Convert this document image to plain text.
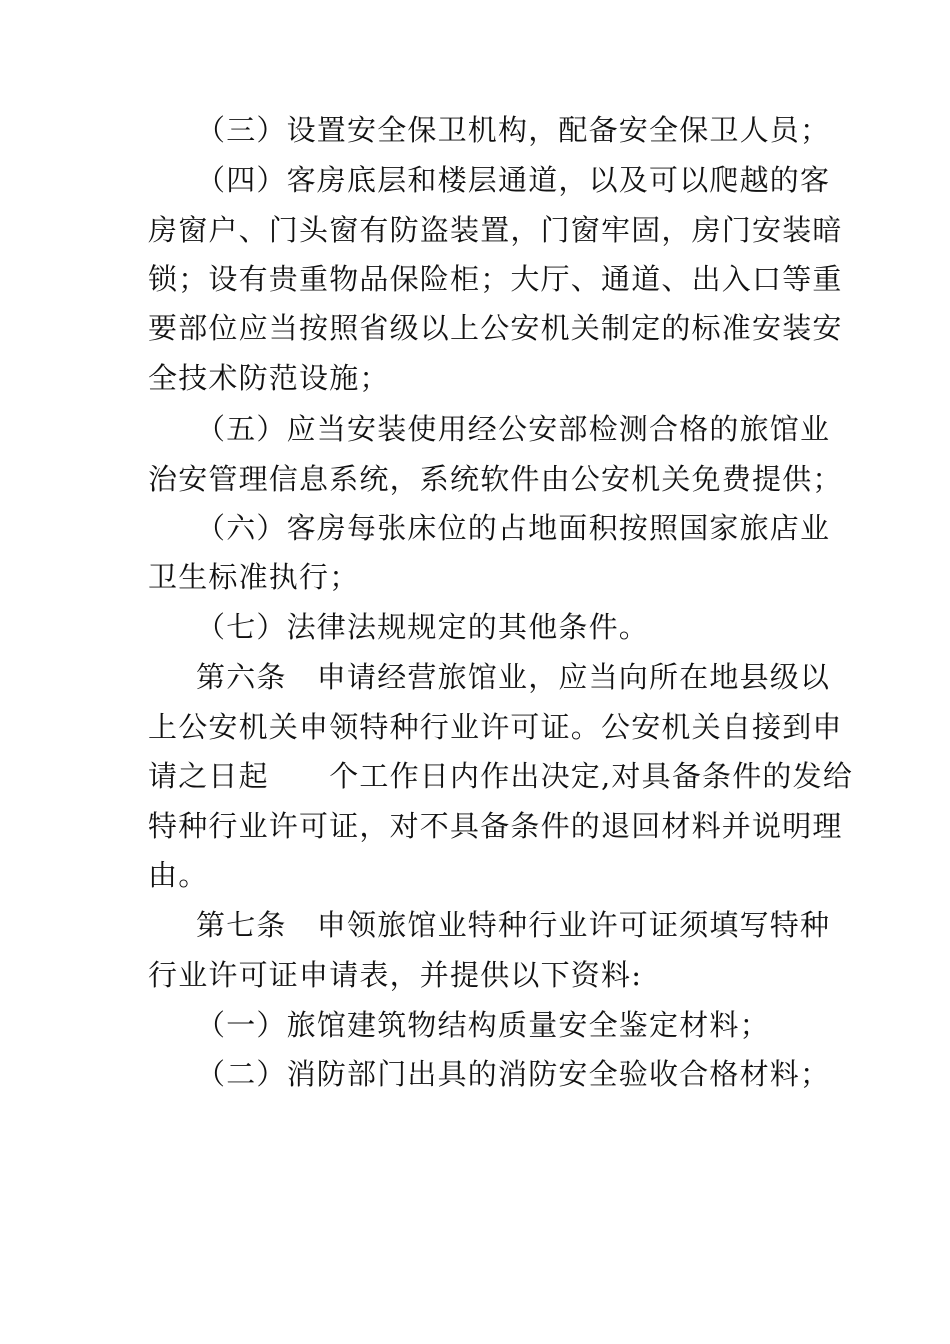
（三）设置安全保卫机构，配备安全保卫人员；
（四）客房底层和楼层通道，以及可以爬越的客
房窗户、门头窗有防盗装置，门窗牢固，房门安装暗
锁；设有贵重物品保险柜；大厅、通道、出入口等重
要部位应当按照省级以上公安机关制定的标准安装安
全技术防范设施；
（五）应当安装使用经公安部检测合格的旅馆业
治安管理信息系统，系统软件由公安机关免费提供；
（六）客房每张床位的占地面积按照国家旅店业
卫生标准执行；
（七）法律法规规定的其他条件。
第六条　申请经营旅馆业，应当向所在地县级以
上公安机关申领特种行业许可证。公安机关自接到申
请之日起　　个工作日内作出决定,对具备条件的发给
特种行业许可证，对不具备条件的退回材料并说明理
由。
第七条　申领旅馆业特种行业许可证须填写特种
行业许可证申请表，并提供以下资料:
（一）旅馆建筑物结构质量安全鉴定材料；
（二）消防部门出具的消防安全验收合格材料；
